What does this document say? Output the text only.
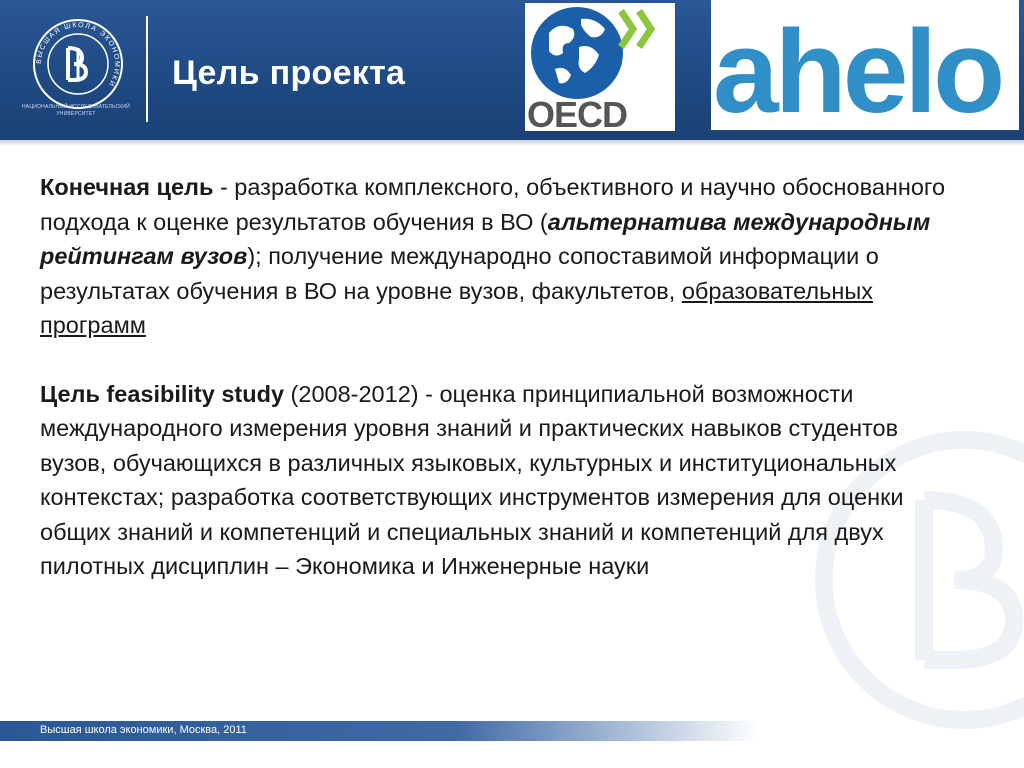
ВЫСШАЯ ШКОЛА ЭКОНОМИКИ
НАЦИОНАЛЬНЫЙ ИССЛЕДОВАТЕЛЬСКИЙ УНИВЕРСИТЕТ
Цель проекта
OECD ahelo

Конечная цель - разработка комплексного, объективного и научно обоснованного подхода к оценке результатов обучения в ВО (альтернатива международным рейтингам вузов); получение международно сопоставимой информации о результатах обучения в ВО на уровне вузов, факультетов, образовательных программ

Цель feasibility study (2008-2012) - оценка принципиальной возможности международного измерения уровня знаний и практических навыков студентов вузов, обучающихся в различных языковых, культурных и институциональных контекстах; разработка соответствующих инструментов измерения для оценки общих знаний и компетенций и специальных знаний и компетенций для двух пилотных дисциплин – Экономика и Инженерные науки

Высшая школа экономики, Москва, 2011
